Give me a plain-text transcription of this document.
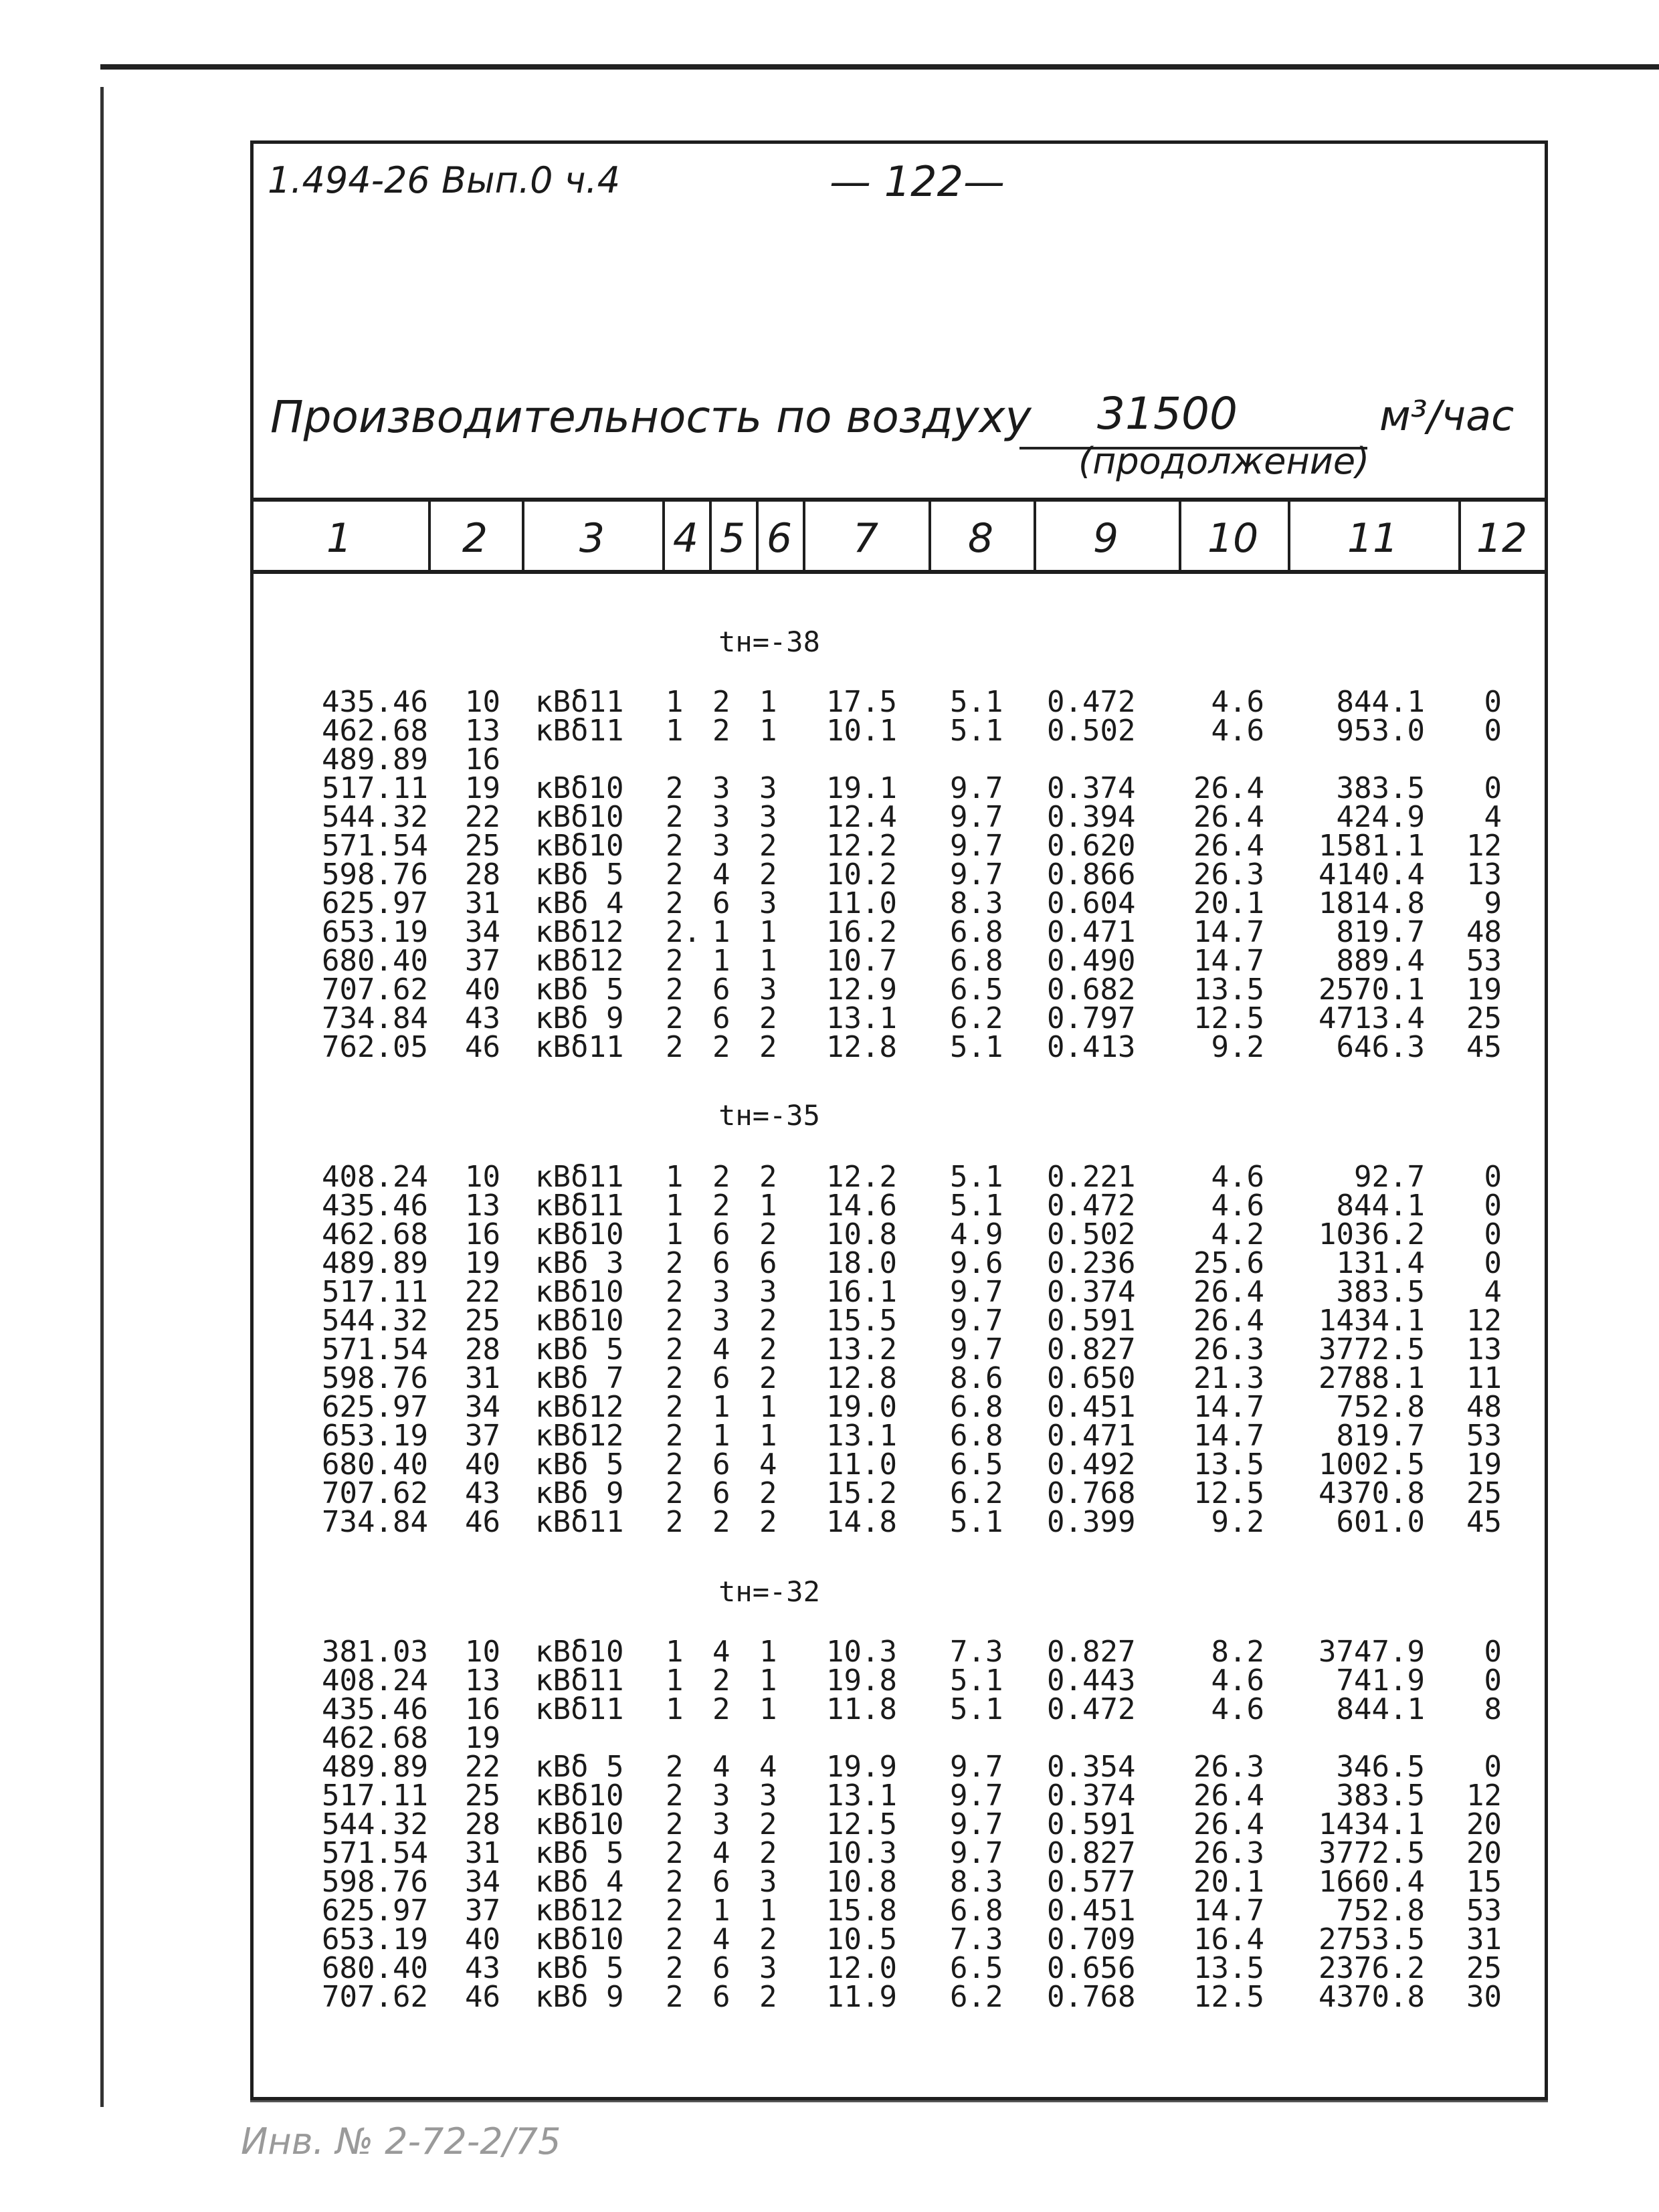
1.494-26 Вып.0 ч.4	— 122—
Производительность по воздуху 31500	м³/час
(продолжение)
1	2	3	4 5 6	7	8	9	10 11 12
tн=-38
435.46 10	кВδ11	1 2 1	17.5	5.1	0.472	4.6	844.1	0
462.68 13	кВδ11	1 2 1	10.1	5.1	0.502	4.6	953.0	0
489.89 16
517.11 19	кВδ10	2 3 3	19.1	9.7	0.374	26.4	383.5	0
544.32 22	кВδ10	2 3 3	12.4	9.7	0.394	26.4	424.9	4
571.54 25	кВδ10	2 3 2	12.2	9.7	0.620	26.4	1581.1	12
598.76 28	кВδ 5	2 4 2	10.2	9.7	0.866	26.3	4140.4	13
625.97 31	кВδ 4	2 6 3	11.0	8.3	0.604	20.1	1814.8	9
653.19 34	кВδ12	2. 1 1	16.2	6.8	0.471	14.7	819.7	48
680.40 37	кВδ12	2 1 1	10.7	6.8	0.490	14.7	889.4	53
707.62 40	кВδ 5	2 6 3	12.9	6.5	0.682	13.5	2570.1	19
734.84 43	кВδ 9	2 6 2	13.1	6.2	0.797	12.5	4713.4	25
762.05 46	кВδ11	2 2 2	12.8	5.1	0.413	9.2	646.3	45
tн=-35
408.24 10	кВδ11	1 2 2	12.2	5.1	0.221	4.6	92.7	0
435.46 13	кВδ11	1 2 1	14.6	5.1	0.472	4.6	844.1	0
462.68 16	кВδ10	1 6 2	10.8	4.9	0.502	4.2	1036.2	0
489.89 19	кВδ 3	2 6 6	18.0	9.6	0.236	25.6	131.4	0
517.11 22	кВδ10	2 3 3	16.1	9.7	0.374	26.4	383.5	4
544.32 25	кВδ10	2 3 2	15.5	9.7	0.591	26.4	1434.1	12
571.54 28	кВδ 5	2 4 2	13.2	9.7	0.827	26.3	3772.5	13
598.76 31	кВδ 7	2 6 2	12.8	8.6	0.650	21.3	2788.1	11
625.97 34	кВδ12	2 1 1	19.0	6.8	0.451	14.7	752.8	48
653.19 37	кВδ12	2 1 1	13.1	6.8	0.471	14.7	819.7	53
680.40 40	кВδ 5	2 6 4	11.0	6.5	0.492	13.5	1002.5	19
707.62 43	кВδ 9	2 6 2	15.2	6.2	0.768	12.5	4370.8	25
734.84 46	кВδ11	2 2 2	14.8	5.1	0.399	9.2	601.0	45
tн=-32
381.03 10	кВδ10	1 4 1	10.3	7.3	0.827	8.2	3747.9	0
408.24 13	кВδ11	1 2 1	19.8	5.1	0.443	4.6	741.9	0
435.46 16	кВδ11	1 2 1	11.8	5.1	0.472	4.6	844.1	8
462.68 19
489.89 22	кВδ 5	2 4 4	19.9	9.7	0.354	26.3	346.5	0
517.11 25	кВδ10	2 3 3	13.1	9.7	0.374	26.4	383.5	12
544.32 28	кВδ10	2 3 2	12.5	9.7	0.591	26.4	1434.1	20
571.54 31	кВδ 5	2 4 2	10.3	9.7	0.827	26.3	3772.5	20
598.76 34	кВδ 4	2 6 3	10.8	8.3	0.577	20.1	1660.4	15
625.97 37	кВδ12	2 1 1	15.8	6.8	0.451	14.7	752.8	53
653.19 40	кВδ10	2 4 2	10.5	7.3	0.709	16.4	2753.5	31
680.40 43	кВδ 5	2 6 3	12.0	6.5	0.656	13.5	2376.2	25
707.62 46	кВδ 9	2 6 2	11.9	6.2	0.768	12.5	4370.8	30
Инв. № 2-72-2/75
